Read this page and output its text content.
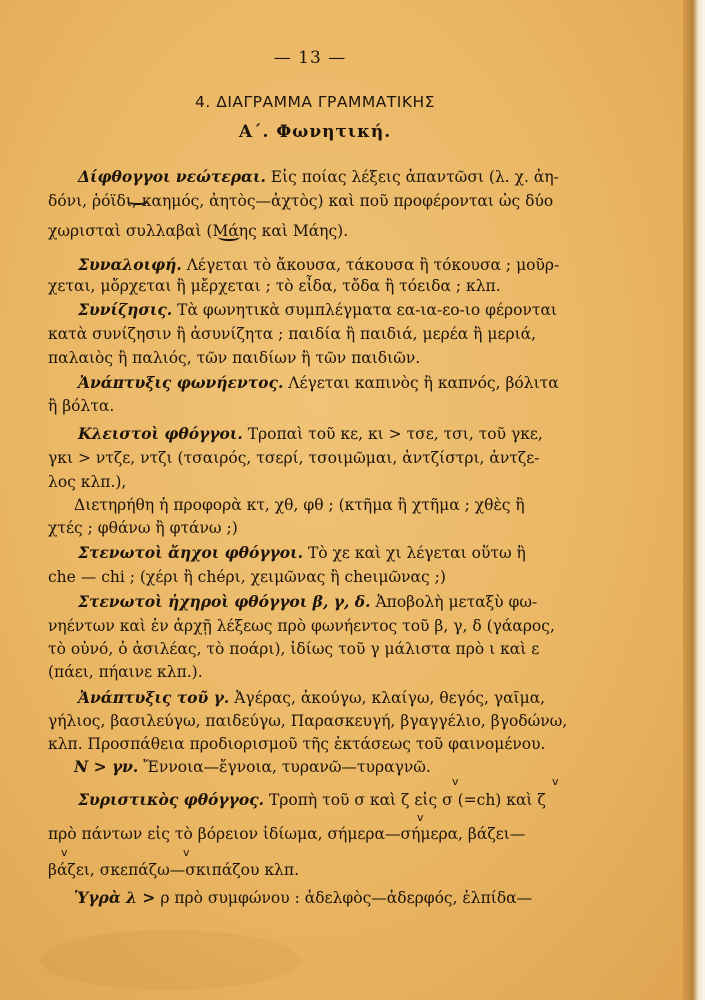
— 13 —
4. ΔΙΑΓΡΑΜΜΑ ΓΡΑΜΜΑΤΙΚΗΣ
Α΄. Φωνητική.
Δίφθογγοι νεώτεραι. Εἰς ποίας λέξεις ἀπαντῶσι (λ. χ. ἀη-
δόνι, ῥόϊδι, καημός, ἀητὸς—ἀχτὸς) καὶ ποῦ προφέρονται ὡς δύο
χωρισταὶ συλλαβαὶ (Μάης καὶ Μάης).
Συναλοιφή. Λέγεται τὸ ἄκουσα, τάκουσα ἢ τόκουσα ; μοῦρ-
χεται, μὄρχεται ἢ μἔρχεται ; τὸ εἶδα, τὄδα ἢ τόειδα ; κλπ.
Συνίζησις. Τὰ φωνητικὰ συμπλέγματα εα-ια-εο-ιο φέρονται
κατὰ συνίζησιν ἢ ἀσυνίζητα ; παιδία ἢ παιδιά, μερέα ἢ μεριά,
παλαιὸς ἢ παλιός, τῶν παιδίων ἢ τῶν παιδιῶν.
Ἀνάπτυξις φωνήεντος. Λέγεται καπινὸς ἢ καπνός, βόλιτα
ἢ βόλτα.
Κλειστοὶ φθόγγοι. Τροπαὶ τοῦ κε, κι > τσε, τσι, τοῦ γκε,
γκι > ντζε, ντζι (τσαιρός, τσερί, τσοιμῶμαι, ἀντζίστρι, ἀντζε-
λος κλπ.),
Διετηρήθη ἡ προφορὰ κτ, χθ, φθ ; (κτῆμα ἢ χτῆμα ; χθὲς ἢ
χτές ; φθάνω ἢ φτάνω ;)
Στενωτοὶ ἄηχοι φθόγγοι. Τὸ χε καὶ χι λέγεται οὕτω ἢ
che — chi ; (χέρι ἢ chéρι, χειμῶνας ἢ cheιμῶνας ;)
Στενωτοὶ ἠχηροὶ φθόγγοι β, γ, δ. Ἀποβολὴ μεταξὺ φω-
νηέντων καὶ ἐν ἀρχῇ λέξεως πρὸ φωνήεντος τοῦ β, γ, δ (γάαρος,
τὸ οὐνό, ὁ ἀσιλέας, τὸ ποάρι), ἰδίως τοῦ γ μάλιστα πρὸ ι καὶ ε
(πάει, πήαινε κλπ.).
Ἀνάπτυξις τοῦ γ. Ἀγέρας, ἀκούγω, κλαίγω, θεγός, γαῖμα,
γήλιος, βασιλεύγω, παιδεύγω, Παρασκευγή, βγαγγέλιο, βγοδώνω,
κλπ. Προσπάθεια προδιορισμοῦ τῆς ἐκτάσεως τοῦ φαινομένου.
Ν > γν. Ἔννοια—ἔγνοια, τυρανῶ—τυραγνῶ.
Συριστικὸς φθόγγος. Τροπὴ τοῦ σ καὶ ζ εἰς σ (=ch) καὶ ζ
πρὸ πάντων εἰς τὸ βόρειον ἰδίωμα, σήμερα—σήμερα, βάζει—
βάζει, σκεπάζω—σκιπάζου κλπ.
Ὑγρὰ λ > ρ πρὸ συμφώνου : ἀδελφὸς—ἀδερφός, ἐλπίδα—
v	v
v
v	v
